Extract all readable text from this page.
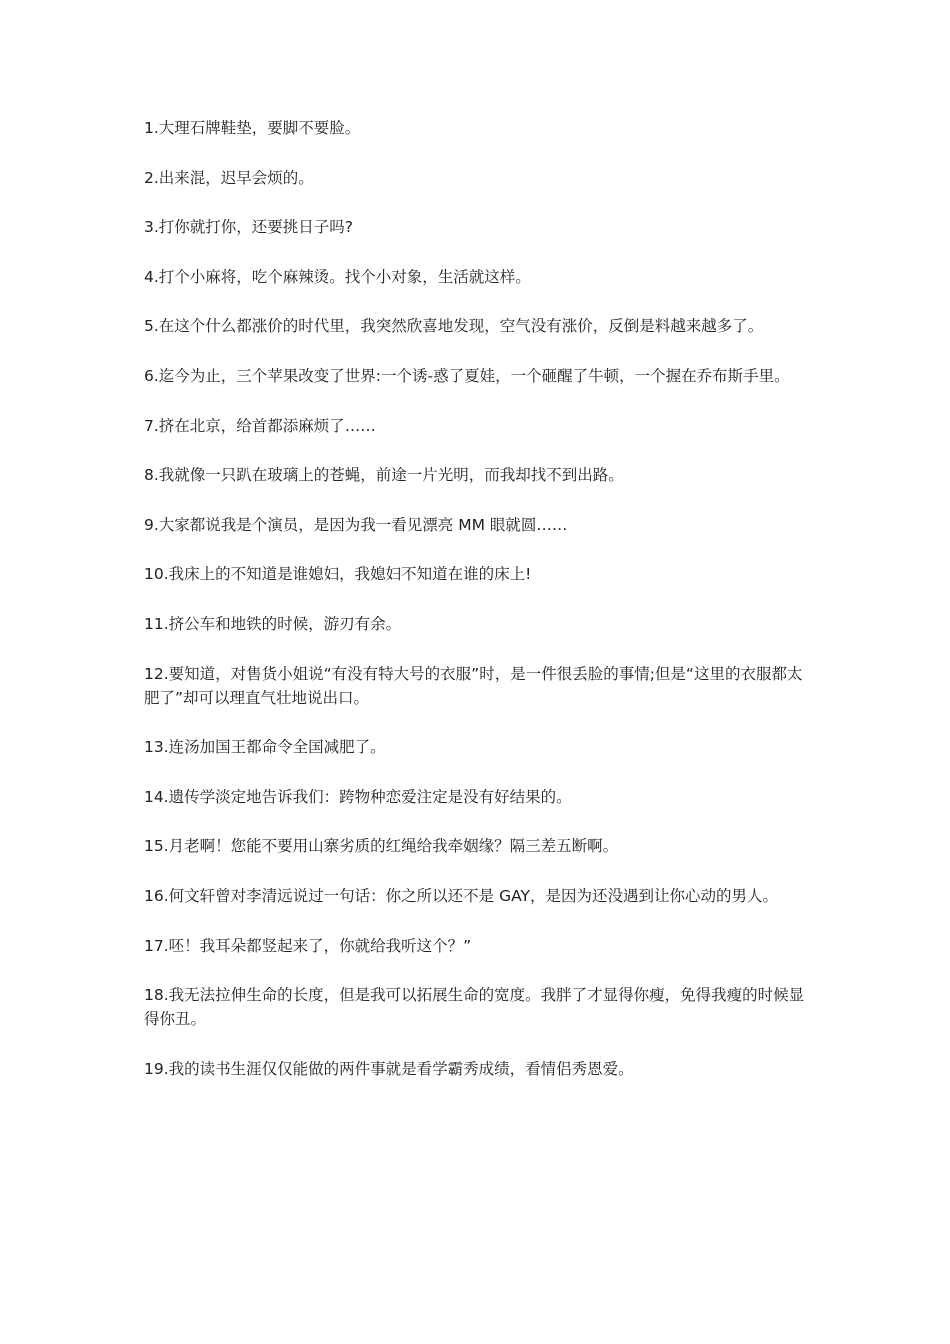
1.大理石牌鞋垫，要脚不要脸。

2.出来混，迟早会烦的。

3.打你就打你，还要挑日子吗?

4.打个小麻将，吃个麻辣烫。找个小对象，生活就这样。

5.在这个什么都涨价的时代里，我突然欣喜地发现，空气没有涨价，反倒是料越来越多了。

6.迄今为止，三个苹果改变了世界:一个诱-惑了夏娃，一个砸醒了牛顿，一个握在乔布斯手里。

7.挤在北京，给首都添麻烦了……

8.我就像一只趴在玻璃上的苍蝇，前途一片光明，而我却找不到出路。

9.大家都说我是个演员，是因为我一看见漂亮 MM 眼就圆……

10.我床上的不知道是谁媳妇，我媳妇不知道在谁的床上!

11.挤公车和地铁的时候，游刃有余。

12.要知道，对售货小姐说“有没有特大号的衣服”时，是一件很丢脸的事情;但是“这里的衣服都太肥了”却可以理直气壮地说出口。

13.连汤加国王都命令全国减肥了。

14.遗传学淡定地告诉我们：跨物种恋爱注定是没有好结果的。

15.月老啊！您能不要用山寨劣质的红绳给我牵姻缘？隔三差五断啊。

16.何文轩曾对李清远说过一句话：你之所以还不是 GAY，是因为还没遇到让你心动的男人。

17.呸！我耳朵都竖起来了，你就给我听这个？”

18.我无法拉伸生命的长度，但是我可以拓展生命的宽度。我胖了才显得你瘦，免得我瘦的时候显得你丑。

19.我的读书生涯仅仅能做的两件事就是看学霸秀成绩，看情侣秀恩爱。
